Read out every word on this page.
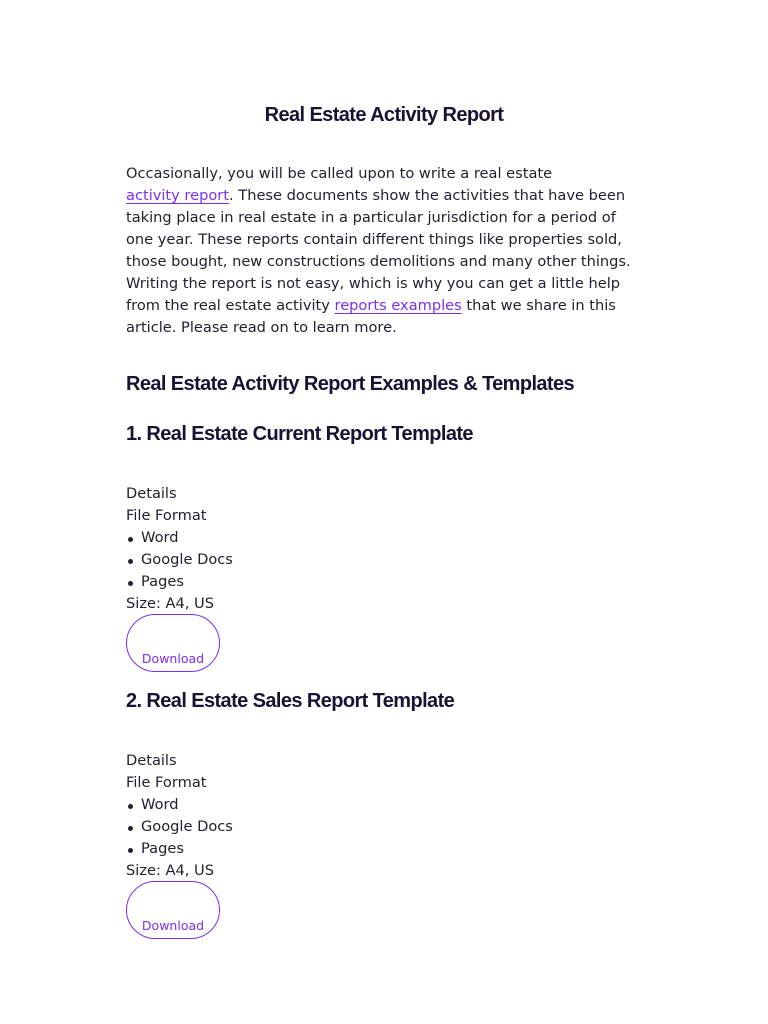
Real Estate Activity Report

Occasionally, you will be called upon to write a real estate
activity report. These documents show the activities that have been taking place in real estate in a particular jurisdiction for a period of one year. These reports contain different things like properties sold, those bought, new constructions demolitions and many other things. Writing the report is not easy, which is why you can get a little help from the real estate activity reports examples that we share in this article. Please read on to learn more.

Real Estate Activity Report Examples & Templates
1. Real Estate Current Report Template
Details
File Format
Word
Google Docs
Pages
Size: A4, US
Download
2. Real Estate Sales Report Template
Details
File Format
Word
Google Docs
Pages
Size: A4, US
Download
